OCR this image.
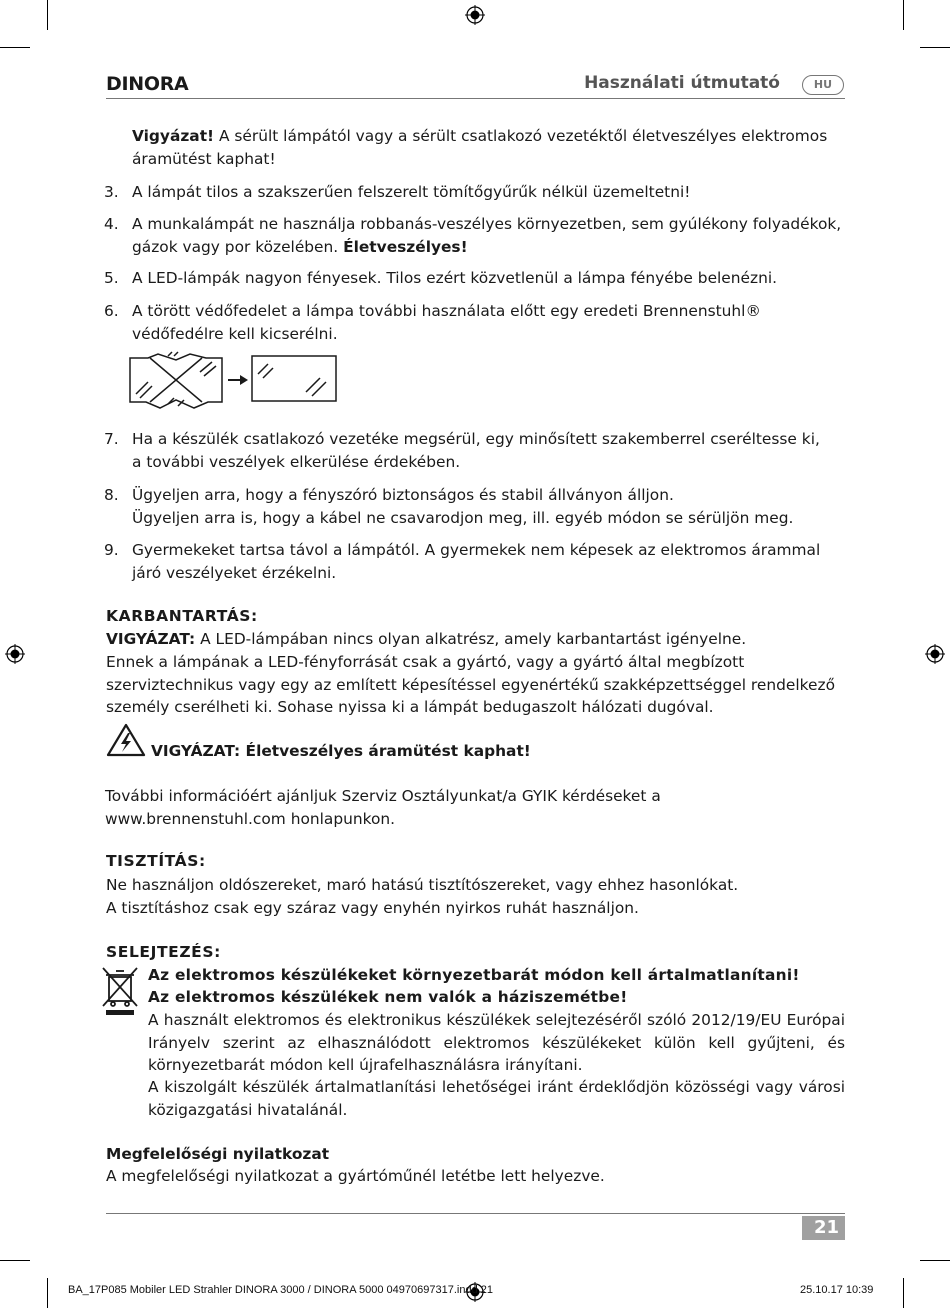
DINORA	Használati útmutató	HU
Vigyázat! A sérült lámpától vagy a sérült csatlakozó vezetéktől életveszélyes elektromos áramütést kaphat!
3. A lámpát tilos a szakszerűen felszerelt tömítőgyűrűk nélkül üzemeltetni!
4. A munkalámpát ne használja robbanás-veszélyes környezetben, sem gyúlékony folyadékok, gázok vagy por közelében. Életveszélyes!
5. A LED-lámpák nagyon fényesek. Tilos ezért közvetlenül a lámpa fényébe belenézni.
6. A törött védőfedelet a lámpa további használata előtt egy eredeti Brennenstuhl® védőfedélre kell kicserélni.
7. Ha a készülék csatlakozó vezetéke megsérül, egy minősített szakemberrel cseréltesse ki,
a további veszélyek elkerülése érdekében.
8. Ügyeljen arra, hogy a fényszóró biztonságos és stabil állványon álljon.
Ügyeljen arra is, hogy a kábel ne csavarodjon meg, ill. egyéb módon se sérüljön meg.
9. Gyermekeket tartsa távol a lámpától. A gyermekek nem képesek az elektromos árammal járó veszélyeket érzékelni.
KARBANTARTÁS:
VIGYÁZAT: A LED-lámpában nincs olyan alkatrész, amely karbantartást igényelne.
Ennek a lámpának a LED-fényforrását csak a gyártó, vagy a gyártó által megbízott szerviztechnikus vagy egy az említett képesítéssel egyenértékű szakképzettséggel rendelkező személy cserélheti ki. Sohase nyissa ki a lámpát bedugaszolt hálózati dugóval.
VIGYÁZAT: Életveszélyes áramütést kaphat!
További információért ajánljuk Szerviz Osztályunkat/a GYIK kérdéseket a www.brennenstuhl.com honlapunkon.
TISZTÍTÁS:
Ne használjon oldószereket, maró hatású tisztítószereket, vagy ehhez hasonlókat.
A tisztításhoz csak egy száraz vagy enyhén nyirkos ruhát használjon.
SELEJTEZÉS:
Az elektromos készülékeket környezetbarát módon kell ártalmatlanítani!
Az elektromos készülékek nem valók a háziszemétbe!
A használt elektromos és elektronikus készülékek selejtezéséről szóló 2012/19/EU Európai Irányelv szerint az elhasználódott elektromos készülékeket külön kell gyűjteni, és környezetbarát módon kell újrafelhasználásra irányítani.
A kiszolgált készülék ártalmatlanítási lehetőségei iránt érdeklődjön közösségi vagy városi közigazgatási hivatalánál.
Megfelelőségi nyilatkozat
A megfelelőségi nyilatkozat a gyártóműnél letétbe lett helyezve.
21
BA_17P085 Mobiler LED Strahler DINORA 3000 / DINORA 5000 04970697317.indd 21	25.10.17 10:39
